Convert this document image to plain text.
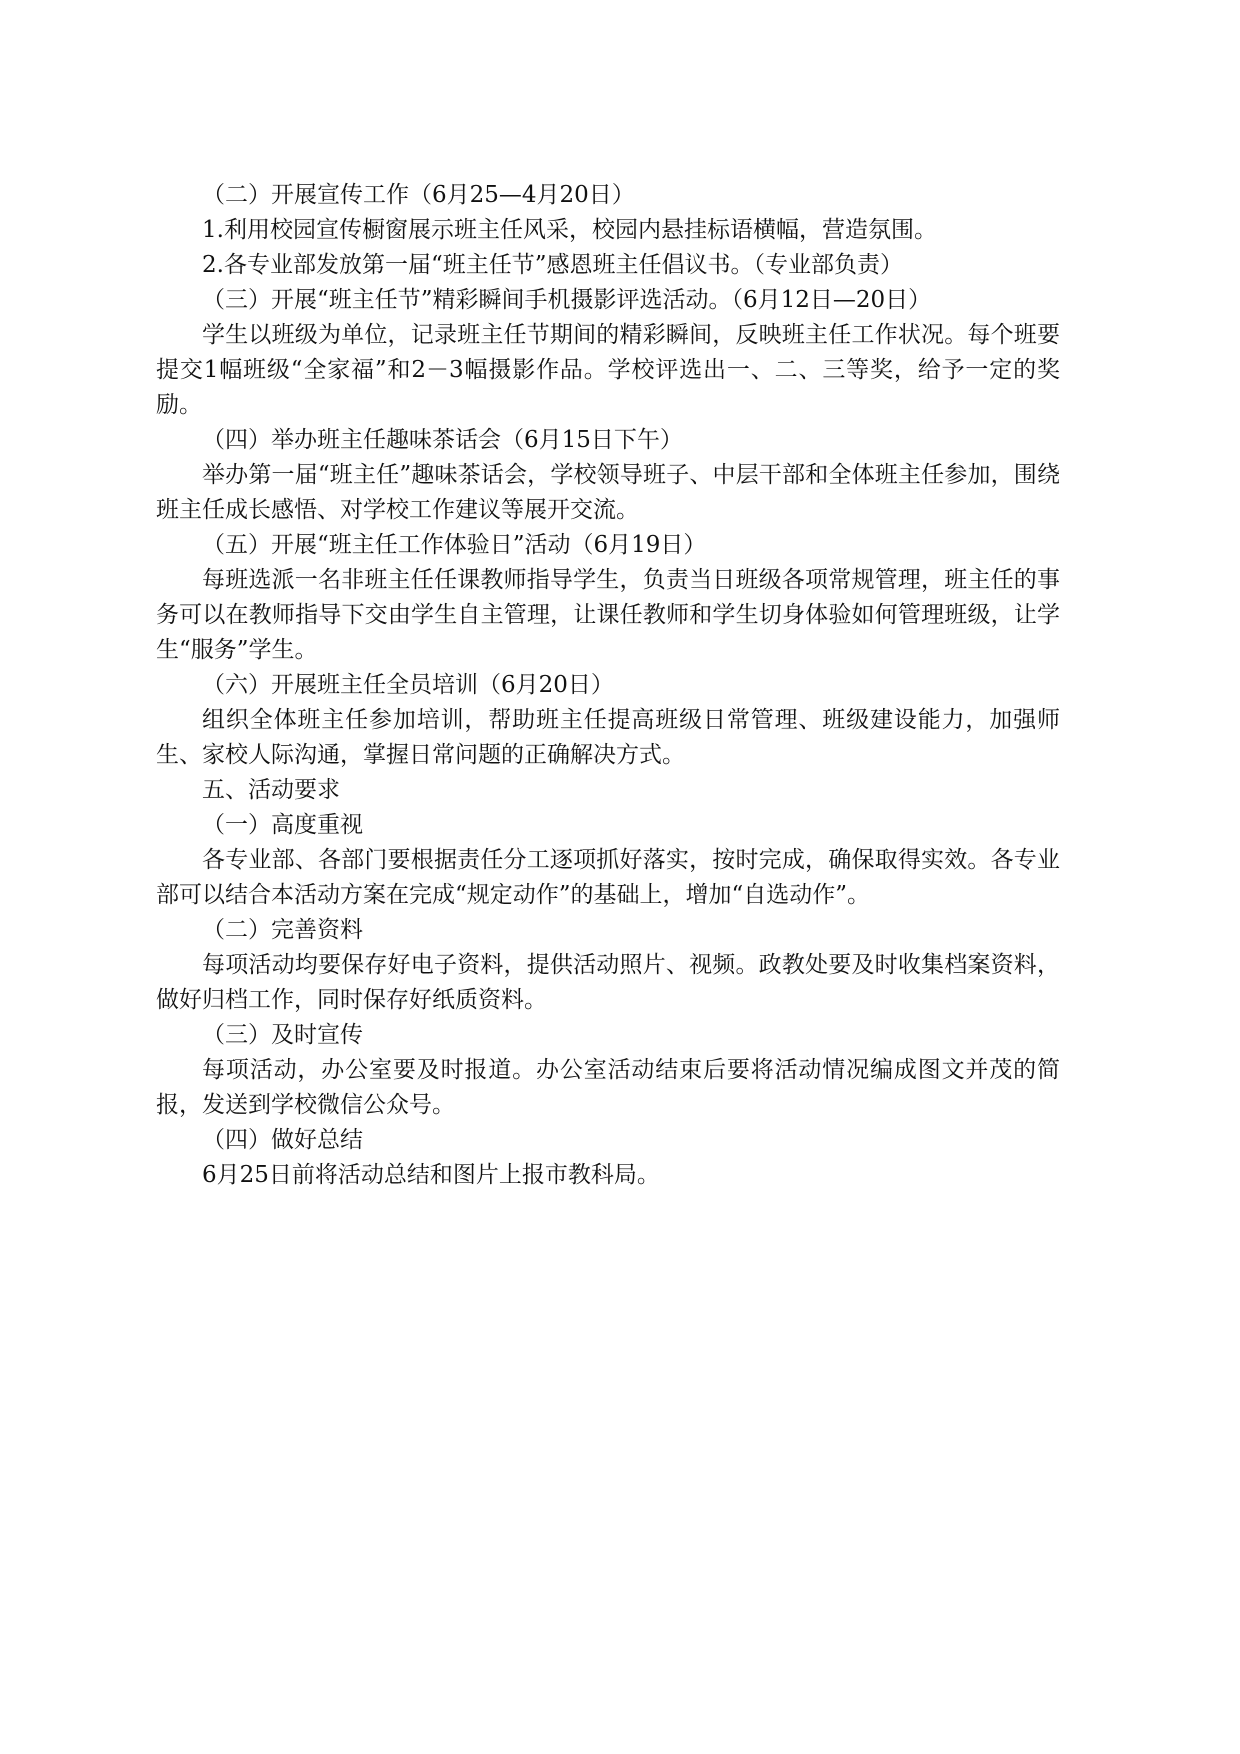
（二）开展宣传工作（6月25—4月20日）

1.利用校园宣传橱窗展示班主任风采，校园内悬挂标语横幅，营造氛围。

2.各专业部发放第一届“班主任节”感恩班主任倡议书。（专业部负责）

（三）开展“班主任节”精彩瞬间手机摄影评选活动。（6月12日—20日）

学生以班级为单位，记录班主任节期间的精彩瞬间，反映班主任工作状况。每个班要提交1幅班级“全家福”和2－3幅摄影作品。学校评选出一、二、三等奖，给予一定的奖励。

（四）举办班主任趣味茶话会（6月15日下午）

举办第一届“班主任”趣味茶话会，学校领导班子、中层干部和全体班主任参加，围绕班主任成长感悟、对学校工作建议等展开交流。

（五）开展“班主任工作体验日”活动（6月19日）

每班选派一名非班主任任课教师指导学生，负责当日班级各项常规管理，班主任的事务可以在教师指导下交由学生自主管理，让课任教师和学生切身体验如何管理班级，让学生“服务”学生。

（六）开展班主任全员培训（6月20日）

组织全体班主任参加培训，帮助班主任提高班级日常管理、班级建设能力，加强师生、家校人际沟通，掌握日常问题的正确解决方式。

五、活动要求

（一）高度重视

各专业部、各部门要根据责任分工逐项抓好落实，按时完成，确保取得实效。各专业部可以结合本活动方案在完成“规定动作”的基础上，增加“自选动作”。

（二）完善资料

每项活动均要保存好电子资料，提供活动照片、视频。政教处要及时收集档案资料，做好归档工作，同时保存好纸质资料。

（三）及时宣传

每项活动，办公室要及时报道。办公室活动结束后要将活动情况编成图文并茂的简报，发送到学校微信公众号。

（四）做好总结

6月25日前将活动总结和图片上报市教科局。
